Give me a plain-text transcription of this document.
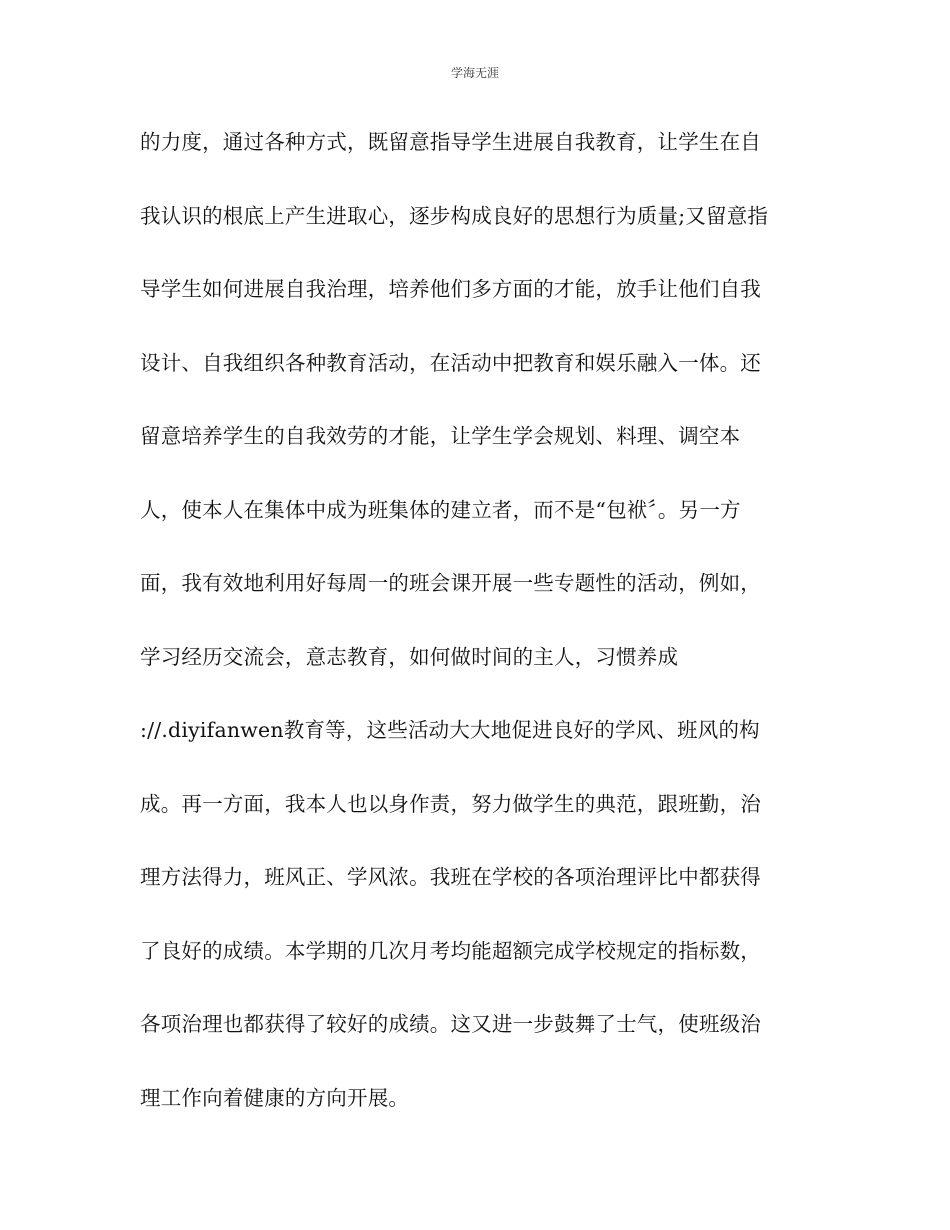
学海无涯
的力度，通过各种方式，既留意指导学生进展自我教育，让学生在自
我认识的根底上产生进取心，逐步构成良好的思想行为质量;又留意指
导学生如何进展自我治理，培养他们多方面的才能，放手让他们自我
设计、自我组织各种教育活动，在活动中把教育和娱乐融入一体。还
留意培养学生的自我效劳的才能，让学生学会规划、料理、调空本
人，使本人在集体中成为班集体的建立者，而不是“包袱〞。另一方
面，我有效地利用好每周一的班会课开展一些专题性的活动，例如，
学习经历交流会，意志教育，如何做时间的主人，习惯养成
://.diyifanwen教育等，这些活动大大地促进良好的学风、班风的构
成。再一方面，我本人也以身作责，努力做学生的典范，跟班勤，治
理方法得力，班风正、学风浓。我班在学校的各项治理评比中都获得
了良好的成绩。本学期的几次月考均能超额完成学校规定的指标数，
各项治理也都获得了较好的成绩。这又进一步鼓舞了士气，使班级治
理工作向着健康的方向开展。
